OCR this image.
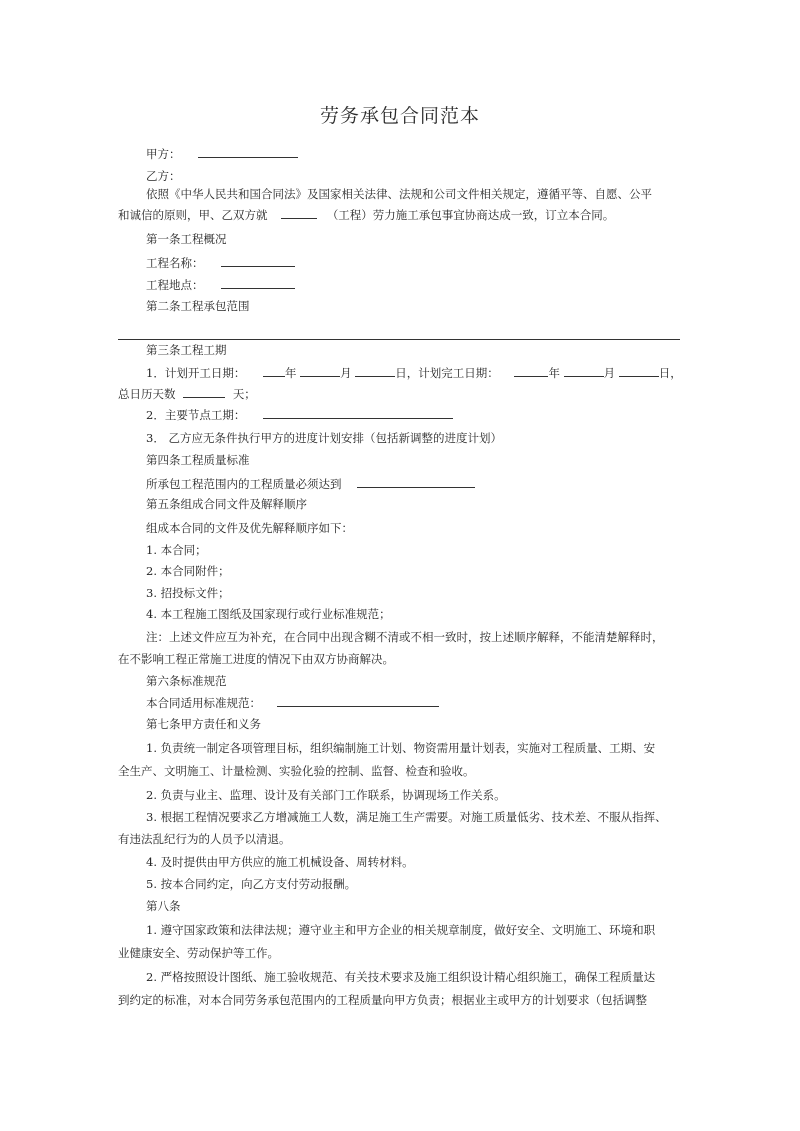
劳务承包合同范本
甲方：
乙方：
依照《中华人民共和国合同法》及国家相关法律、法规和公司文件相关规定，遵循平等、自愿、公平
和诚信的原则，甲、乙双方就	（工程）劳力施工承包事宜协商达成一致，订立本合同。
第一条工程概况
工程名称：
工程地点：
第二条工程承包范围
第三条工程工期
1．计划开工日期：	年	月	日，计划完工日期：	年	月	日，
总日历天数	天；
2．主要节点工期：
3． 乙方应无条件执行甲方的进度计划安排（包括新调整的进度计划）
第四条工程质量标准
所承包工程范围内的工程质量必须达到
第五条组成合同文件及解释顺序
组成本合同的文件及优先解释顺序如下：
1. 本合同；
2. 本合同附件；
3. 招投标文件；
4. 本工程施工图纸及国家现行或行业标准规范；
注：上述文件应互为补充，在合同中出现含糊不清或不相一致时，按上述顺序解释，不能清楚解释时，
在不影响工程正常施工进度的情况下由双方协商解决。
第六条标准规范
本合同适用标准规范：
第七条甲方责任和义务
1. 负责统一制定各项管理目标，组织编制施工计划、物资需用量计划表，实施对工程质量、工期、安
全生产、文明施工、计量检测、实验化验的控制、监督、检查和验收。
2. 负责与业主、监理、设计及有关部门工作联系，协调现场工作关系。
3. 根据工程情况要求乙方增减施工人数，满足施工生产需要。对施工质量低劣、技术差、不服从指挥、
有违法乱纪行为的人员予以清退。
4. 及时提供由甲方供应的施工机械设备、周转材料。
5. 按本合同约定，向乙方支付劳动报酬。
第八条
1. 遵守国家政策和法律法规；遵守业主和甲方企业的相关规章制度，做好安全、文明施工、环境和职
业健康安全、劳动保护等工作。
2. 严格按照设计图纸、施工验收规范、有关技术要求及施工组织设计精心组织施工，确保工程质量达
到约定的标准，对本合同劳务承包范围内的工程质量向甲方负责；根据业主或甲方的计划要求（包括调整
